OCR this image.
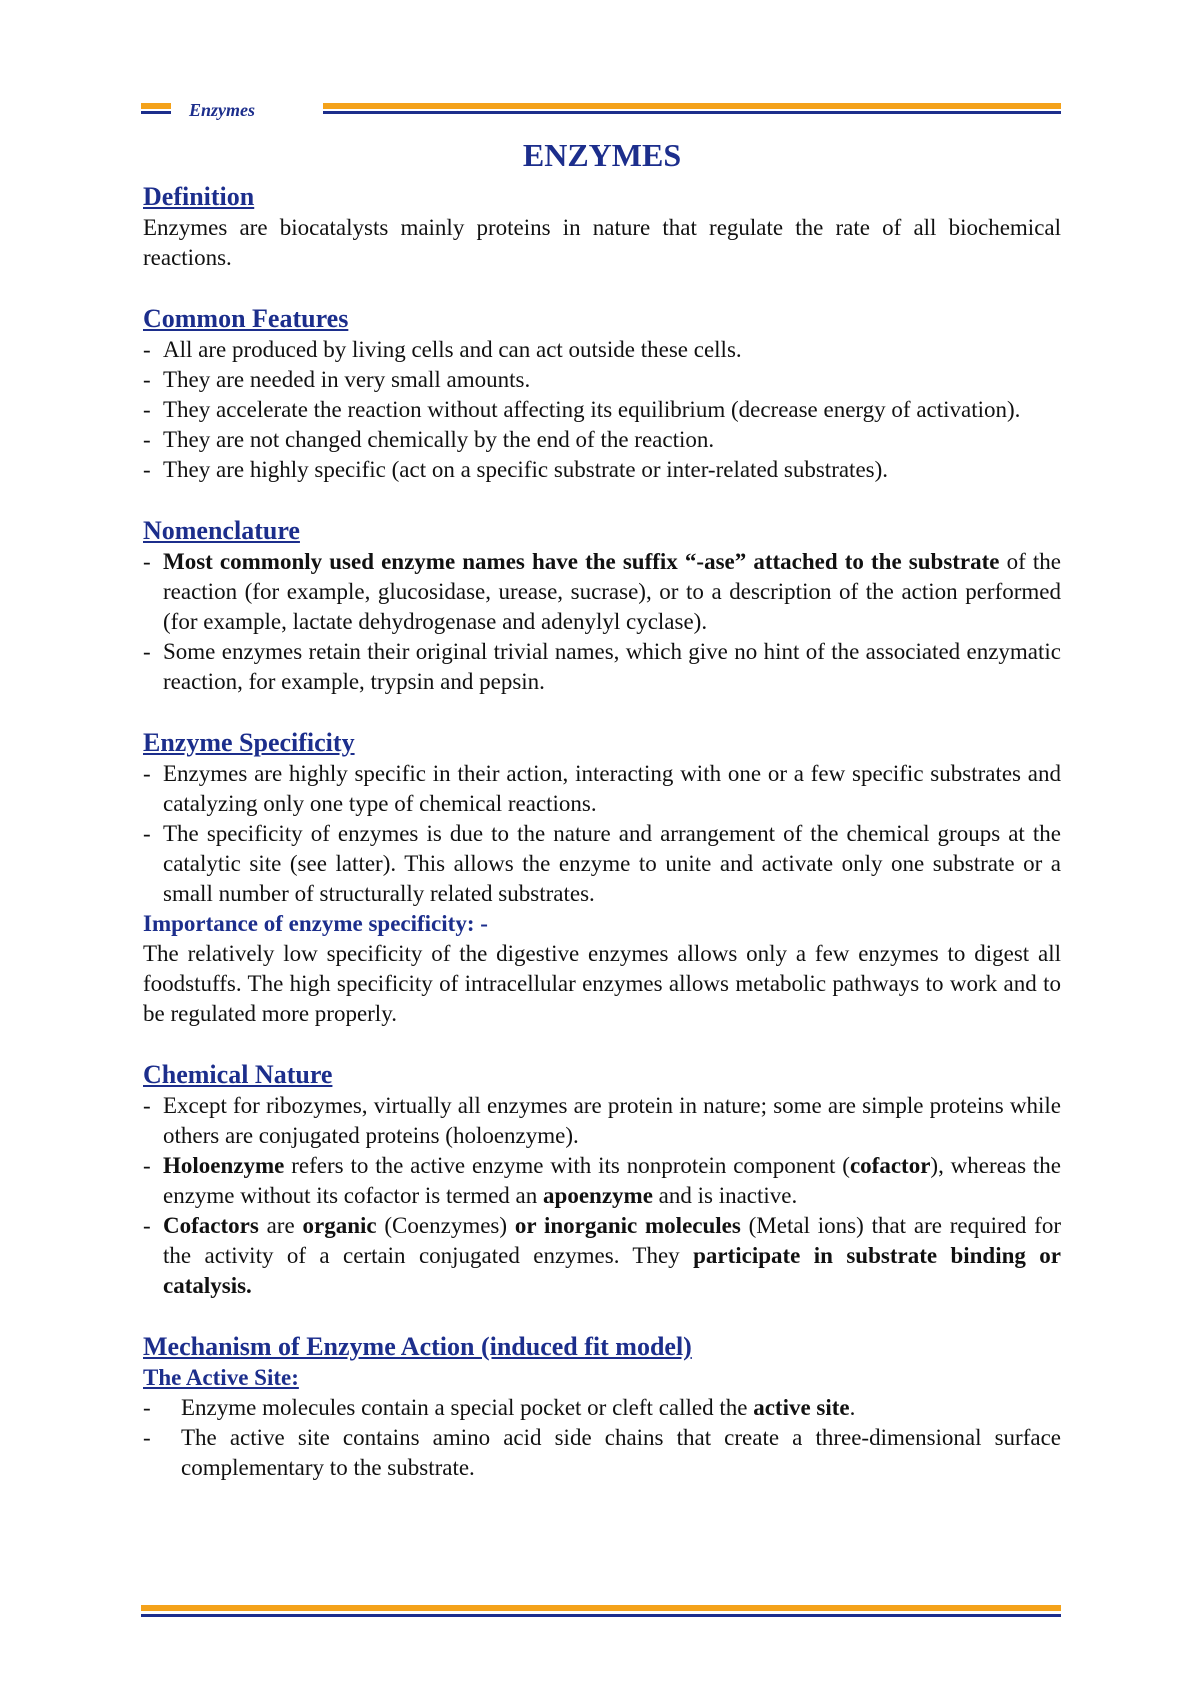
Enzymes
ENZYMES
Definition

Enzymes are biocatalysts mainly proteins in nature that regulate the rate of all biochemical reactions.

Common Features
- All are produced by living cells and can act outside these cells.
- They are needed in very small amounts.
- They accelerate the reaction without affecting its equilibrium (decrease energy of activation).
- They are not changed chemically by the end of the reaction.
- They are highly specific (act on a specific substrate or inter-related substrates).
Nomenclature
- Most commonly used enzyme names have the suffix “-ase” attached to the substrate of the reaction (for example, glucosidase, urease, sucrase), or to a description of the action performed (for example, lactate dehydrogenase and adenylyl cyclase).
- Some enzymes retain their original trivial names, which give no hint of the associated enzymatic reaction, for example, trypsin and pepsin.
Enzyme Specificity
- Enzymes are highly specific in their action, interacting with one or a few specific substrates and catalyzing only one type of chemical reactions.
- The specificity of enzymes is due to the nature and arrangement of the chemical groups at the catalytic site (see latter). This allows the enzyme to unite and activate only one substrate or a small number of structurally related substrates.
Importance of enzyme specificity: -

The relatively low specificity of the digestive enzymes allows only a few enzymes to digest all foodstuffs. The high specificity of intracellular enzymes allows metabolic pathways to work and to be regulated more properly.

Chemical Nature
- Except for ribozymes, virtually all enzymes are protein in nature; some are simple proteins while others are conjugated proteins (holoenzyme).
- Holoenzyme refers to the active enzyme with its nonprotein component (cofactor), whereas the enzyme without its cofactor is termed an apoenzyme and is inactive.
- Cofactors are organic (Coenzymes) or inorganic molecules (Metal ions) that are required for the activity of a certain conjugated enzymes. They participate in substrate binding or catalysis.
Mechanism of Enzyme Action (induced fit model)
The Active Site:
- Enzyme molecules contain a special pocket or cleft called the active site.
- The active site contains amino acid side chains that create a three-dimensional surface complementary to the substrate.
